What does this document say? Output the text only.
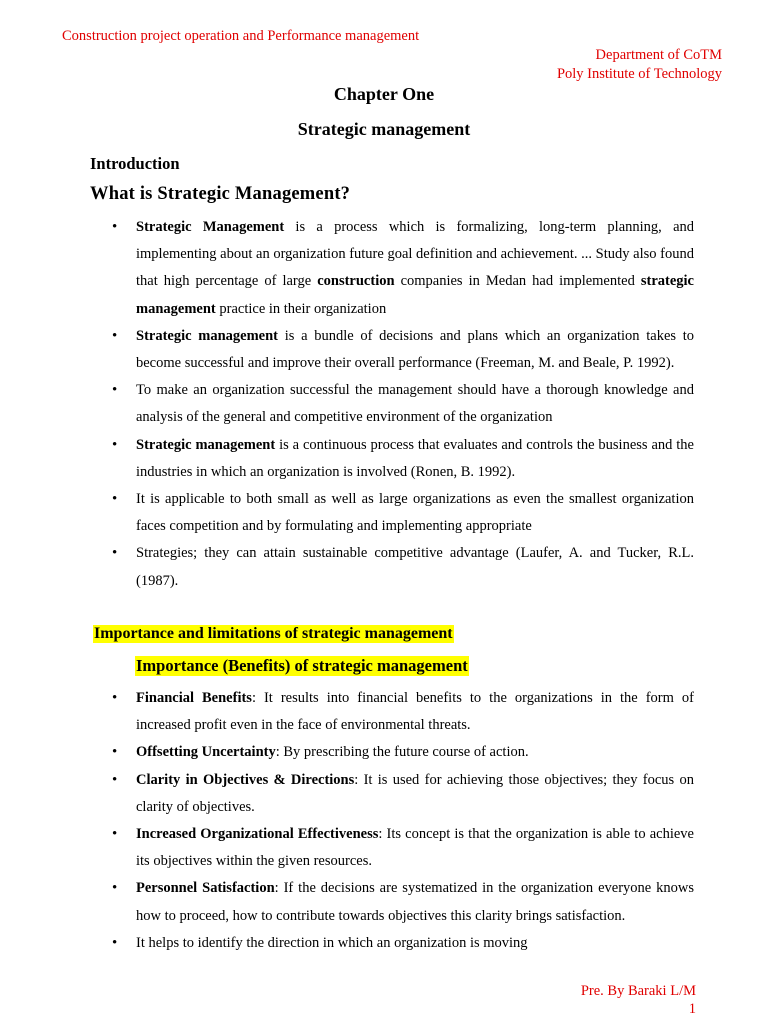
Construction project operation and Performance management
Department of CoTM
Poly Institute of Technology
Chapter One
Strategic management
Introduction
What is Strategic Management?
• Strategic Management is a process which is formalizing, long-term planning, and implementing about an organization future goal definition and achievement. ... Study also found that high percentage of large construction companies in Medan had implemented strategic management practice in their organization
• Strategic management is a bundle of decisions and plans which an organization takes to become successful and improve their overall performance (Freeman, M. and Beale, P. 1992).
• To make an organization successful the management should have a thorough knowledge and analysis of the general and competitive environment of the organization
• Strategic management is a continuous process that evaluates and controls the business and the industries in which an organization is involved (Ronen, B. 1992).
• It is applicable to both small as well as large organizations as even the smallest organization faces competition and by formulating and implementing appropriate
• Strategies; they can attain sustainable competitive advantage (Laufer, A. and Tucker, R.L. (1987).
Importance and limitations of strategic management
Importance (Benefits) of strategic management
• Financial Benefits: It results into financial benefits to the organizations in the form of increased profit even in the face of environmental threats.
• Offsetting Uncertainty: By prescribing the future course of action.
• Clarity in Objectives & Directions: It is used for achieving those objectives; they focus on clarity of objectives.
• Increased Organizational Effectiveness: Its concept is that the organization is able to achieve its objectives within the given resources.
• Personnel Satisfaction: If the decisions are systematized in the organization everyone knows how to proceed, how to contribute towards objectives this clarity brings satisfaction.
• It helps to identify the direction in which an organization is moving
Pre. By Baraki L/M
1
